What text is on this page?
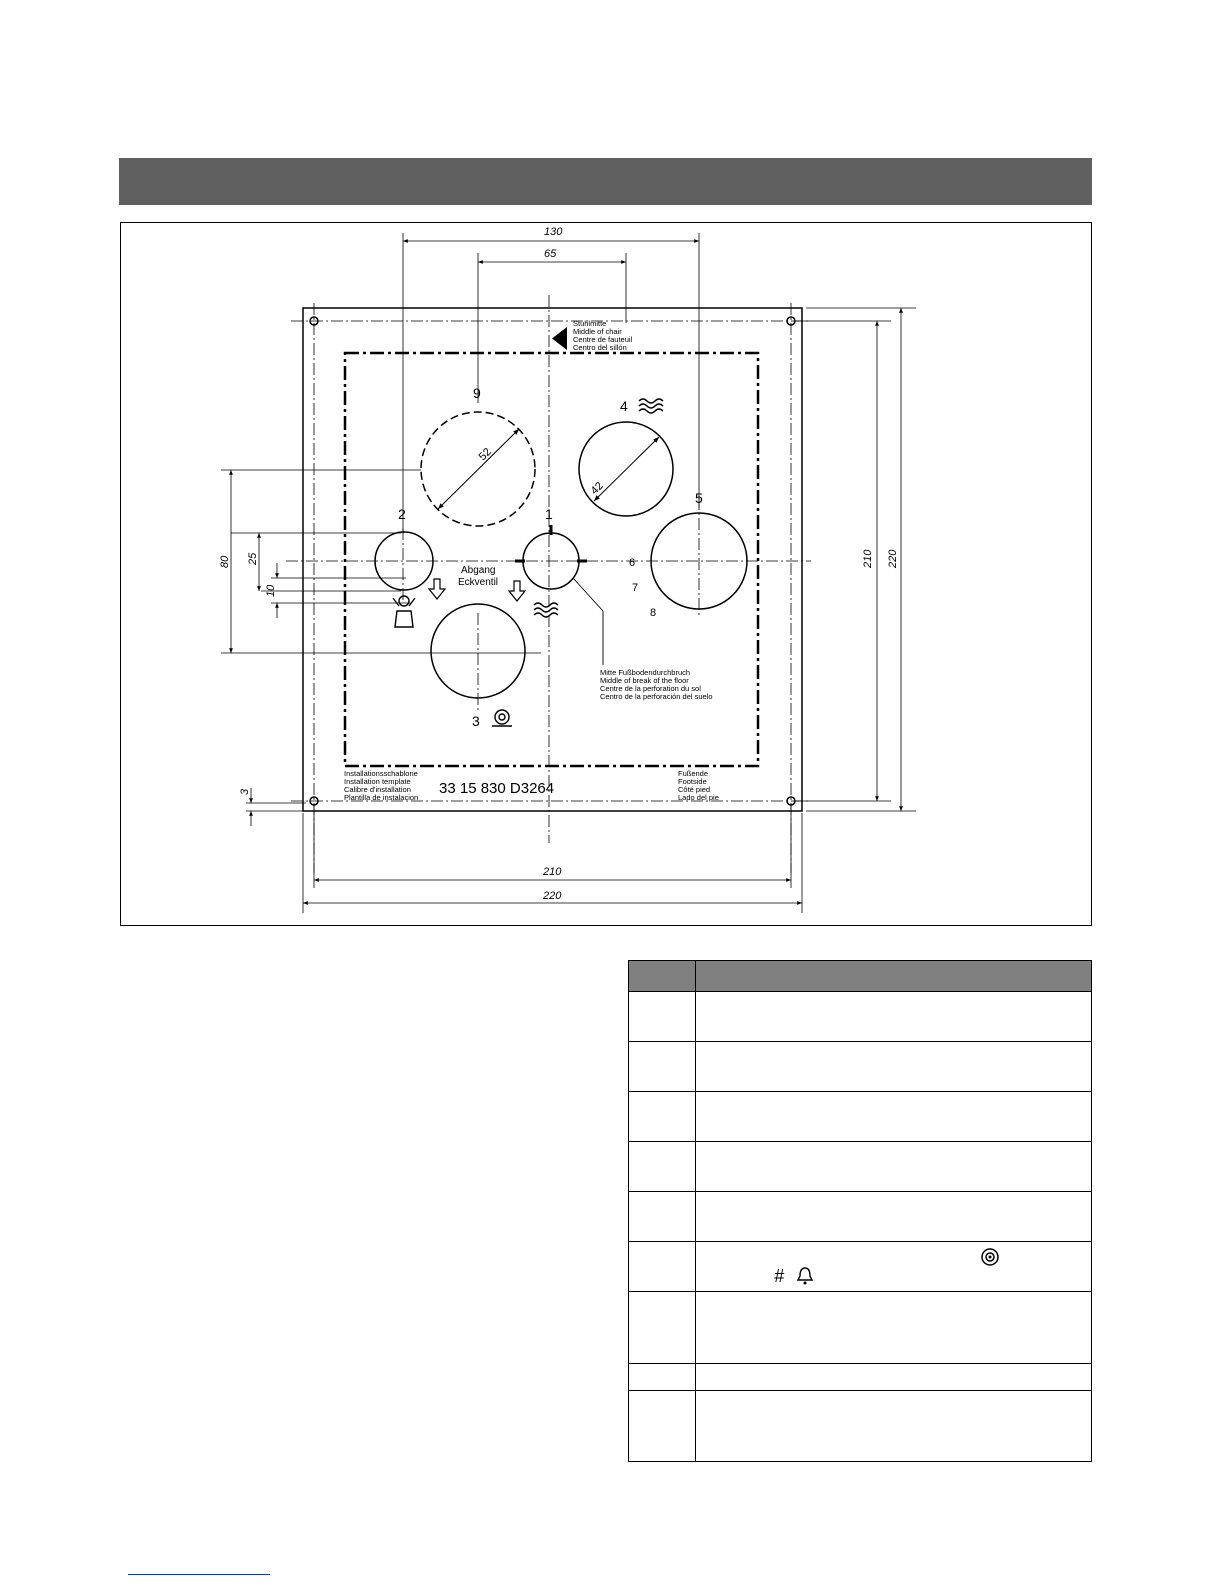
52
42
130
65
210 220
210
220
80 25
10
3
9
4
5
2	1
3
6
7
8
Stuhlmitte
Middle of chair
Centre de fauteuil
Centro del sillón
Abgang
Eckventil
Mitte Fußbodendurchbruch
Middle of break of the floor
Centre de la perforation du sol
Centro de la perforación del suelo
Installationsschablone
Installation template
Calibre d'installation
Plantilla de instalacion
33 15 830 D3264
Fußende
Footside
Côté pied
Lado del pie

	#
